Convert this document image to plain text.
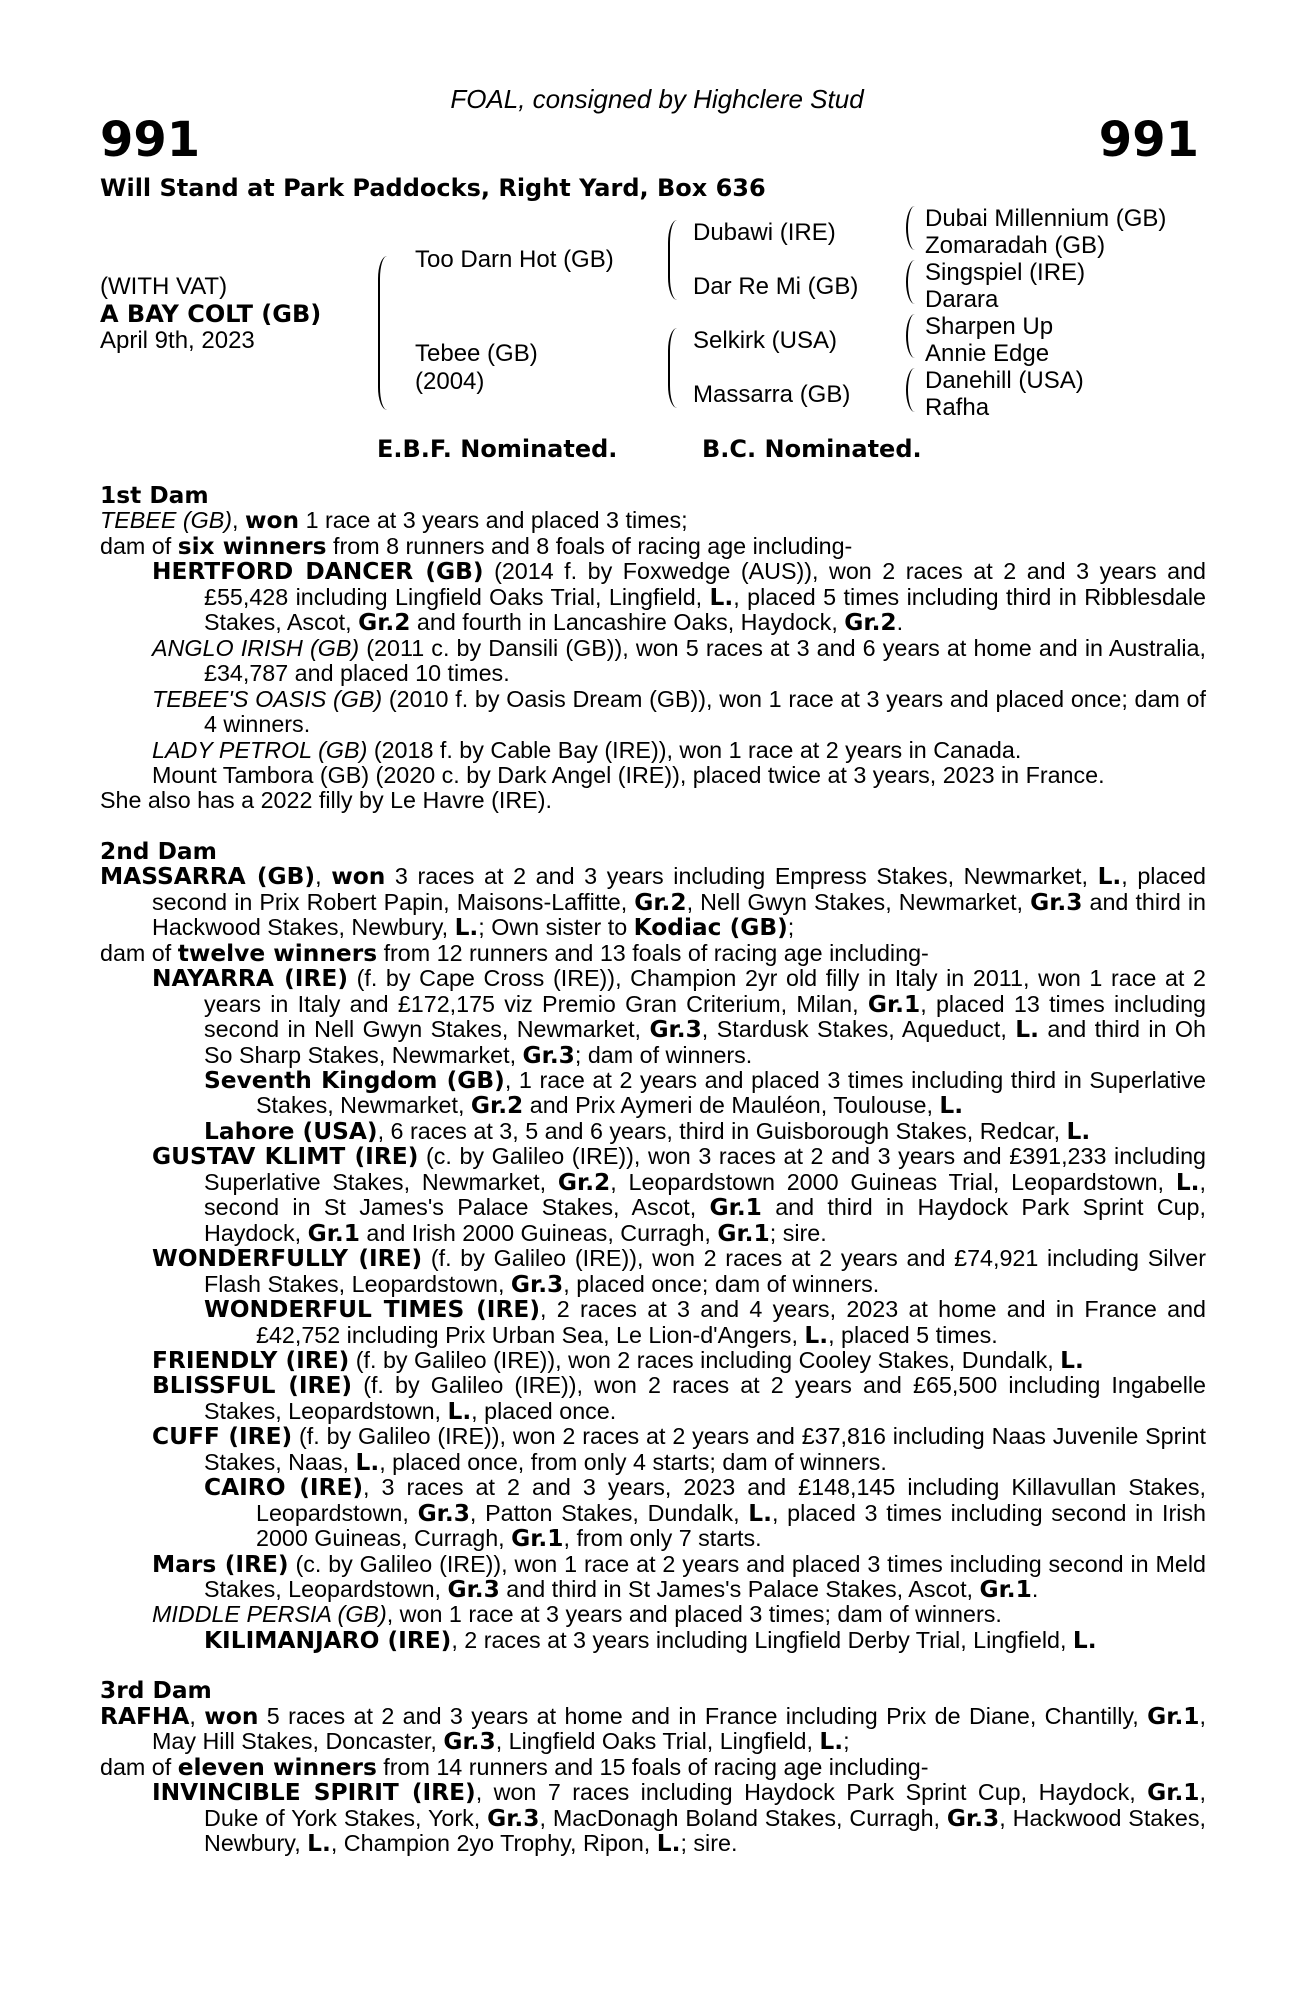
FOAL, consigned by Highclere Stud
991	991
Will Stand at Park Paddocks, Right Yard, Box 636
(WITH VAT)
A BAY COLT (GB)
April 9th, 2023
Too Darn Hot (GB)
Tebee (GB)
(2004)
Dubawi (IRE)
Dar Re Mi (GB)
Selkirk (USA)
Massarra (GB)
Dubai Millennium (GB)
Zomaradah (GB)
Singspiel (IRE)
Darara
Sharpen Up
Annie Edge
Danehill (USA)
Rafha
E.B.F. Nominated.	B.C. Nominated.

1st Dam

TEBEE (GB), won 1 race at 3 years and placed 3 times;

dam of six winners from 8 runners and 8 foals of racing age including-

HERTFORD DANCER (GB) (2014 f. by Foxwedge (AUS)), won 2 races at 2 and 3 years and £55,428 including Lingfield Oaks Trial, Lingfield, L., placed 5 times including third in Ribblesdale Stakes, Ascot, Gr.2 and fourth in Lancashire Oaks, Haydock, Gr.2.

ANGLO IRISH (GB) (2011 c. by Dansili (GB)), won 5 races at 3 and 6 years at home and in Australia, £34,787 and placed 10 times.

TEBEE'S OASIS (GB) (2010 f. by Oasis Dream (GB)), won 1 race at 3 years and placed once; dam of 4 winners.

LADY PETROL (GB) (2018 f. by Cable Bay (IRE)), won 1 race at 2 years in Canada.

Mount Tambora (GB) (2020 c. by Dark Angel (IRE)), placed twice at 3 years, 2023 in France.

She also has a 2022 filly by Le Havre (IRE).

2nd Dam

MASSARRA (GB), won 3 races at 2 and 3 years including Empress Stakes, Newmarket, L., placed second in Prix Robert Papin, Maisons-Laffitte, Gr.2, Nell Gwyn Stakes, Newmarket, Gr.3 and third in Hackwood Stakes, Newbury, L.; Own sister to Kodiac (GB);

dam of twelve winners from 12 runners and 13 foals of racing age including-

NAYARRA (IRE) (f. by Cape Cross (IRE)), Champion 2yr old filly in Italy in 2011, won 1 race at 2 years in Italy and £172,175 viz Premio Gran Criterium, Milan, Gr.1, placed 13 times including second in Nell Gwyn Stakes, Newmarket, Gr.3, Stardusk Stakes, Aqueduct, L. and third in Oh So Sharp Stakes, Newmarket, Gr.3; dam of winners.

Seventh Kingdom (GB), 1 race at 2 years and placed 3 times including third in Superlative Stakes, Newmarket, Gr.2 and Prix Aymeri de Mauléon, Toulouse, L.

Lahore (USA), 6 races at 3, 5 and 6 years, third in Guisborough Stakes, Redcar, L.

GUSTAV KLIMT (IRE) (c. by Galileo (IRE)), won 3 races at 2 and 3 years and £391,233 including Superlative Stakes, Newmarket, Gr.2, Leopardstown 2000 Guineas Trial, Leopardstown, L., second in St James's Palace Stakes, Ascot, Gr.1 and third in Haydock Park Sprint Cup, Haydock, Gr.1 and Irish 2000 Guineas, Curragh, Gr.1; sire.

WONDERFULLY (IRE) (f. by Galileo (IRE)), won 2 races at 2 years and £74,921 including Silver Flash Stakes, Leopardstown, Gr.3, placed once; dam of winners.

WONDERFUL TIMES (IRE), 2 races at 3 and 4 years, 2023 at home and in France and £42,752 including Prix Urban Sea, Le Lion-d'Angers, L., placed 5 times.

FRIENDLY (IRE) (f. by Galileo (IRE)), won 2 races including Cooley Stakes, Dundalk, L.

BLISSFUL (IRE) (f. by Galileo (IRE)), won 2 races at 2 years and £65,500 including Ingabelle Stakes, Leopardstown, L., placed once.

CUFF (IRE) (f. by Galileo (IRE)), won 2 races at 2 years and £37,816 including Naas Juvenile Sprint Stakes, Naas, L., placed once, from only 4 starts; dam of winners.

CAIRO (IRE), 3 races at 2 and 3 years, 2023 and £148,145 including Killavullan Stakes, Leopardstown, Gr.3, Patton Stakes, Dundalk, L., placed 3 times including second in Irish 2000 Guineas, Curragh, Gr.1, from only 7 starts.

Mars (IRE) (c. by Galileo (IRE)), won 1 race at 2 years and placed 3 times including second in Meld Stakes, Leopardstown, Gr.3 and third in St James's Palace Stakes, Ascot, Gr.1.

MIDDLE PERSIA (GB), won 1 race at 3 years and placed 3 times; dam of winners.

KILIMANJARO (IRE), 2 races at 3 years including Lingfield Derby Trial, Lingfield, L.

3rd Dam

RAFHA, won 5 races at 2 and 3 years at home and in France including Prix de Diane, Chantilly, Gr.1, May Hill Stakes, Doncaster, Gr.3, Lingfield Oaks Trial, Lingfield, L.;

dam of eleven winners from 14 runners and 15 foals of racing age including-

INVINCIBLE SPIRIT (IRE), won 7 races including Haydock Park Sprint Cup, Haydock, Gr.1, Duke of York Stakes, York, Gr.3, MacDonagh Boland Stakes, Curragh, Gr.3, Hackwood Stakes, Newbury, L., Champion 2yo Trophy, Ripon, L.; sire.
